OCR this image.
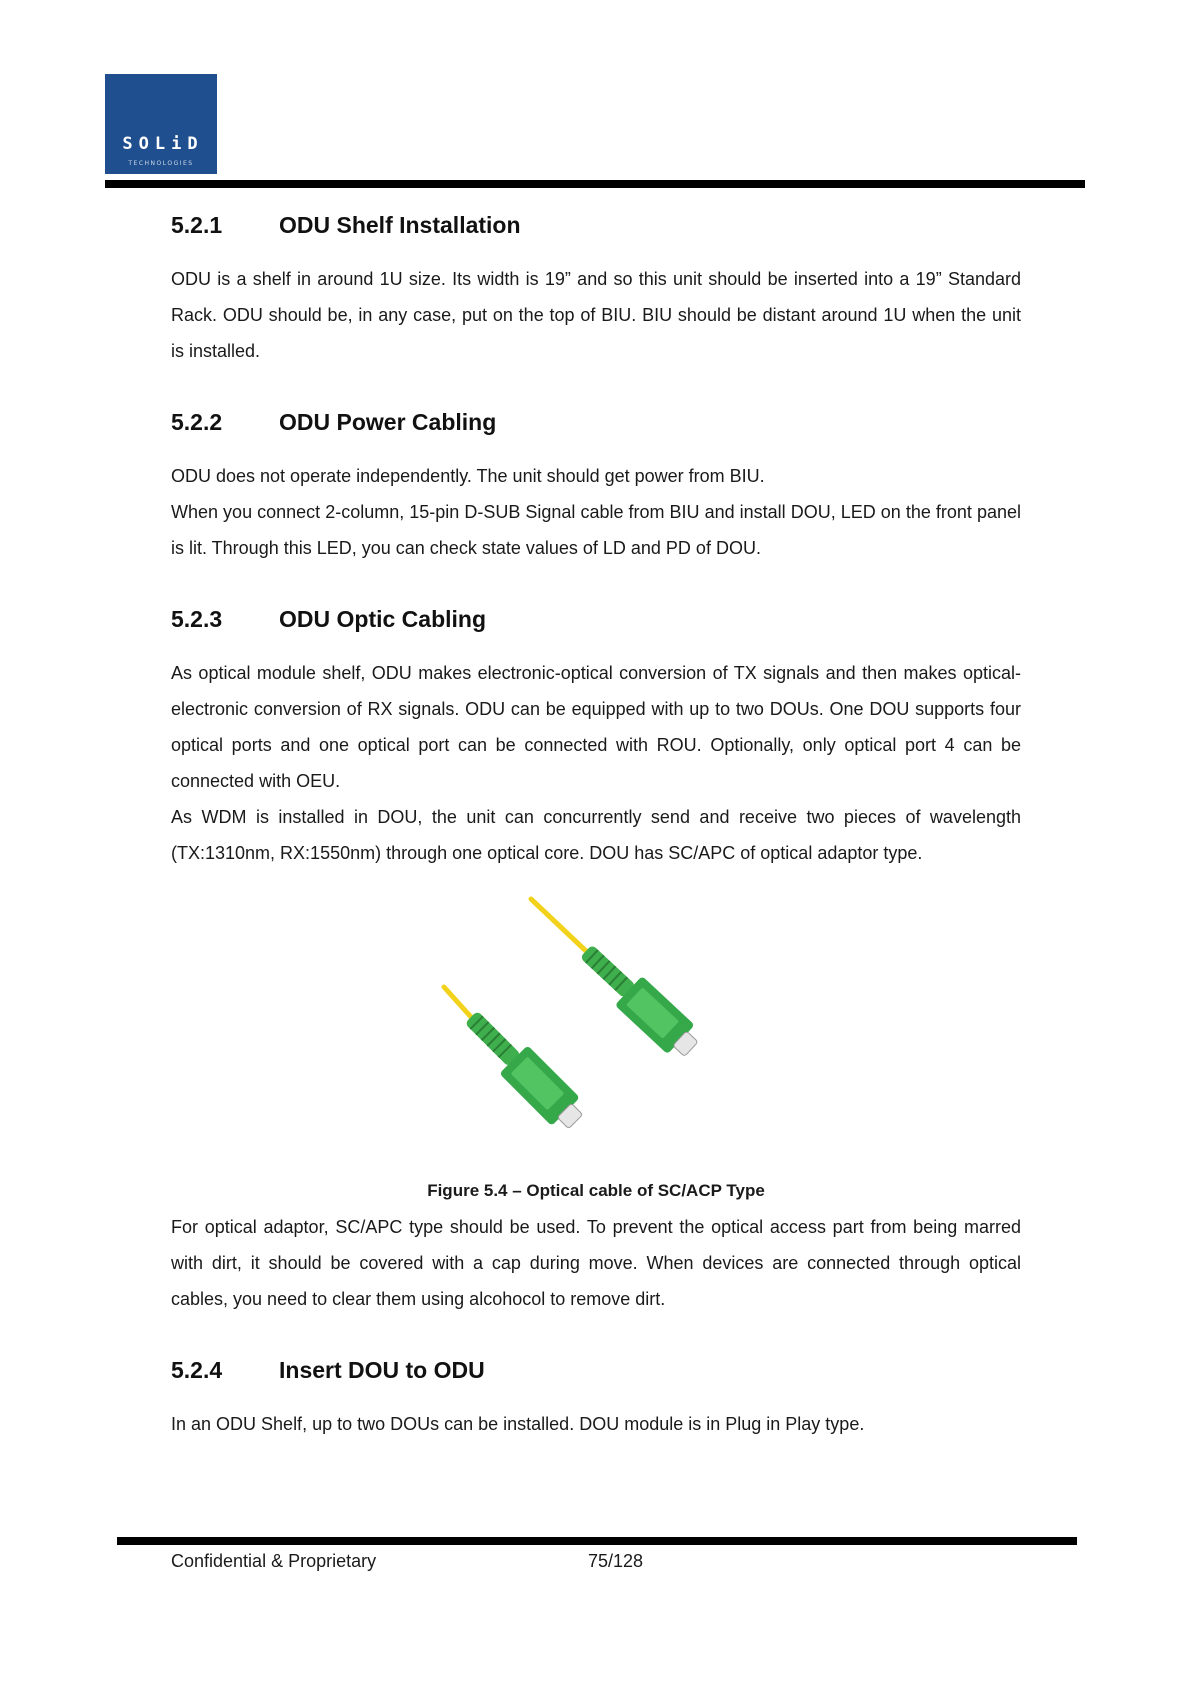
SOLiD
TECHNOLOGIES
5.2.1	ODU Shelf Installation

ODU is a shelf in around 1U size. Its width is 19” and so this unit should be inserted into a 19” Standard Rack. ODU should be, in any case, put on the top of BIU. BIU should be distant around 1U when the unit is installed.

5.2.2	ODU Power Cabling

ODU does not operate independently. The unit should get power from BIU.

When you connect 2-column, 15-pin D-SUB Signal cable from BIU and install DOU, LED on the front panel is lit. Through this LED, you can check state values of LD and PD of DOU.

5.2.3	ODU Optic Cabling

As optical module shelf, ODU makes electronic-optical conversion of TX signals and then makes optical-electronic conversion of RX signals. ODU can be equipped with up to two DOUs. One DOU supports four optical ports and one optical port can be connected with ROU. Optionally, only optical port 4 can be connected with OEU.

As WDM is installed in DOU, the unit can concurrently send and receive two pieces of wavelength (TX:1310nm, RX:1550nm) through one optical core. DOU has SC/APC of optical adaptor type.

Figure 5.4 – Optical cable of SC/ACP Type

For optical adaptor, SC/APC type should be used. To prevent the optical access part from being marred with dirt, it should be covered with a cap during move. When devices are connected through optical cables, you need to clear them using alcohocol to remove dirt.

5.2.4	Insert DOU to ODU

In an ODU Shelf, up to two DOUs can be installed. DOU module is in Plug in Play type.

Confidential & Proprietary	75/128
